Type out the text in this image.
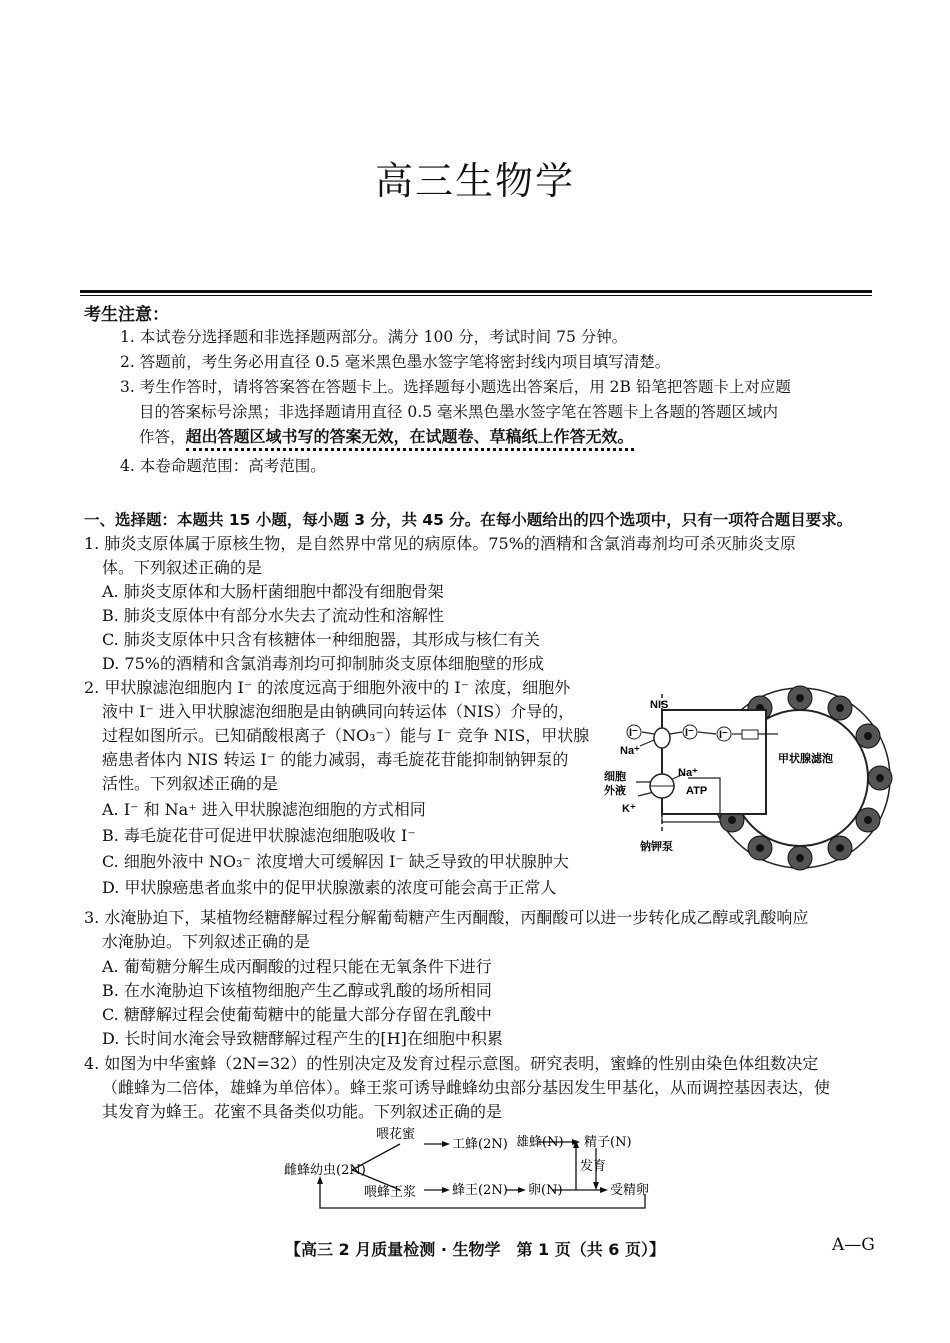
高三生物学
考生注意：
1. 本试卷分选择题和非选择题两部分。满分 100 分，考试时间 75 分钟。
2. 答题前，考生务必用直径 0.5 毫米黑色墨水签字笔将密封线内项目填写清楚。
3. 考生作答时，请将答案答在答题卡上。选择题每小题选出答案后，用 2B 铅笔把答题卡上对应题
目的答案标号涂黑；非选择题请用直径 0.5 毫米黑色墨水签字笔在答题卡上各题的答题区域内
作答，超出答题区域书写的答案无效，在试题卷、草稿纸上作答无效。
4. 本卷命题范围：高考范围。
一、选择题：本题共 15 小题，每小题 3 分，共 45 分。在每小题给出的四个选项中，只有一项符合题目要求。
1. 肺炎支原体属于原核生物，是自然界中常见的病原体。75%的酒精和含氯消毒剂均可杀灭肺炎支原
体。下列叙述正确的是
A. 肺炎支原体和大肠杆菌细胞中都没有细胞骨架
B. 肺炎支原体中有部分水失去了流动性和溶解性
C. 肺炎支原体中只含有核糖体一种细胞器，其形成与核仁有关
D. 75%的酒精和含氯消毒剂均可抑制肺炎支原体细胞壁的形成
2. 甲状腺滤泡细胞内 I⁻ 的浓度远高于细胞外液中的 I⁻ 浓度，细胞外
液中 I⁻ 进入甲状腺滤泡细胞是由钠碘同向转运体（NIS）介导的，
过程如图所示。已知硝酸根离子（NO₃⁻）能与 I⁻ 竞争 NIS，甲状腺
癌患者体内 NIS 转运 I⁻ 的能力减弱，毒毛旋花苷能抑制钠钾泵的
活性。下列叙述正确的是
A. I⁻ 和 Na⁺ 进入甲状腺滤泡细胞的方式相同
B. 毒毛旋花苷可促进甲状腺滤泡细胞吸收 I⁻
C. 细胞外液中 NO₃⁻ 浓度增大可缓解因 I⁻ 缺乏导致的甲状腺肿大
D. 甲状腺癌患者血浆中的促甲状腺激素的浓度可能会高于正常人
NIS
I⁻	I⁻ I⁻
Na⁺
Na⁺
ATP
细胞
外液
K⁺
甲状腺滤泡
钠钾泵
3. 水淹胁迫下，某植物经糖酵解过程分解葡萄糖产生丙酮酸，丙酮酸可以进一步转化成乙醇或乳酸响应
水淹胁迫。下列叙述正确的是
A. 葡萄糖分解生成丙酮酸的过程只能在无氧条件下进行
B. 在水淹胁迫下该植物细胞产生乙醇或乳酸的场所相同
C. 糖酵解过程会使葡萄糖中的能量大部分存留在乳酸中
D. 长时间水淹会导致糖酵解过程产生的[H]在细胞中积累
4. 如图为中华蜜蜂（2N=32）的性别决定及发育过程示意图。研究表明，蜜蜂的性别由染色体组数决定
（雌蜂为二倍体，雄蜂为单倍体）。蜂王浆可诱导雌蜂幼虫部分基因发生甲基化，从而调控基因表达，使
其发育为蜂王。花蜜不具备类似功能。下列叙述正确的是
雌蜂幼虫(2N)
喂花蜜
喂蜂王浆
工蜂(2N)
蜂王(2N) 卵(N)
雄蜂(N) 精子(N)
发育
受精卵
【高三 2 月质量检测 · 生物学　第 1 页（共 6 页）】	A—G
